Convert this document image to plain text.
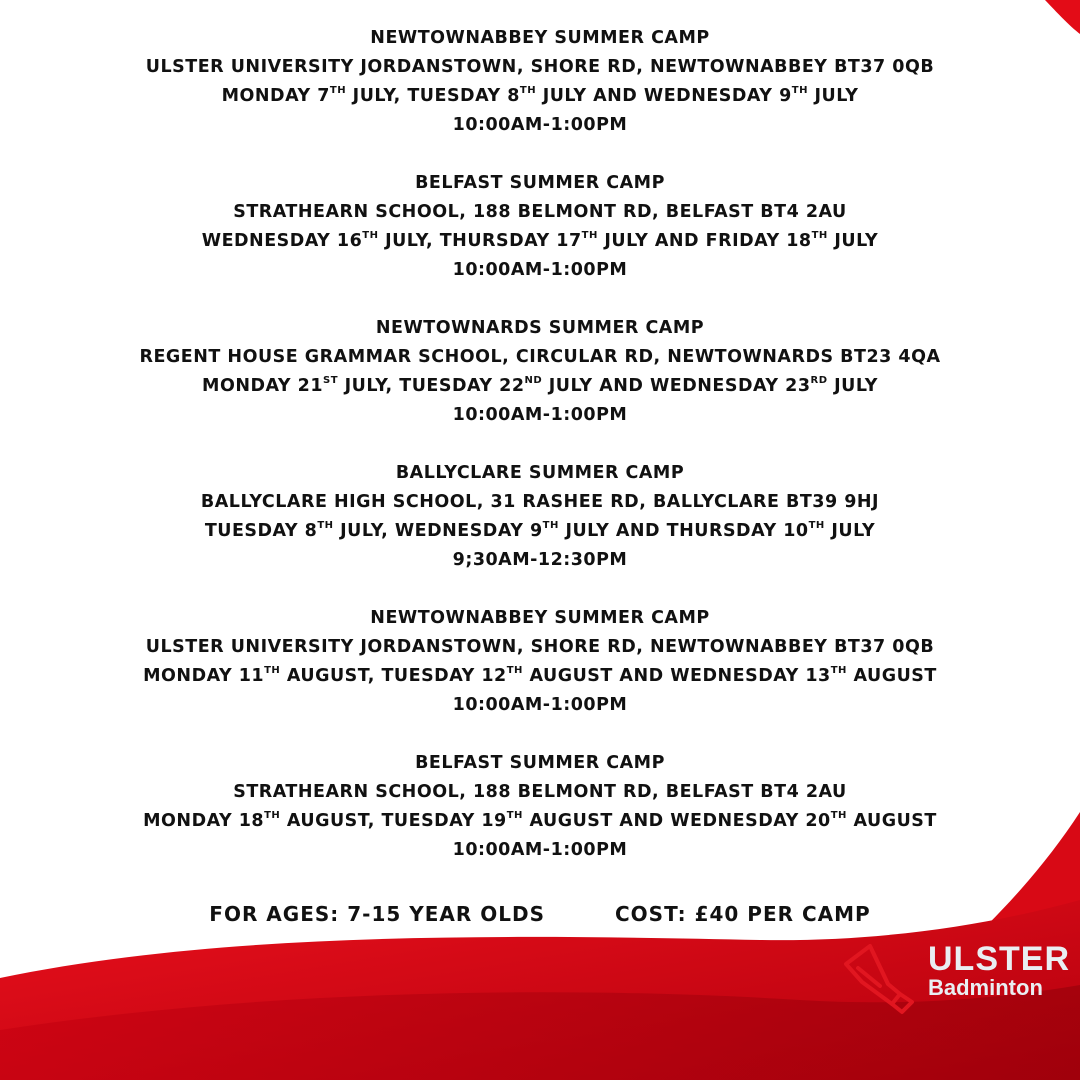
NEWTOWNABBEY SUMMER CAMP
ULSTER UNIVERSITY JORDANSTOWN, SHORE RD, NEWTOWNABBEY BT37 0QB
MONDAY 7TH JULY, TUESDAY 8TH JULY AND WEDNESDAY 9TH JULY
10:00AM-1:00PM
BELFAST SUMMER CAMP
STRATHEARN SCHOOL, 188 BELMONT RD, BELFAST BT4 2AU
WEDNESDAY 16TH JULY, THURSDAY 17TH JULY AND FRIDAY 18TH JULY
10:00AM-1:00PM
NEWTOWNARDS SUMMER CAMP
REGENT HOUSE GRAMMAR SCHOOL, CIRCULAR RD, NEWTOWNARDS BT23 4QA
MONDAY 21ST JULY, TUESDAY 22ND JULY AND WEDNESDAY 23RD JULY
10:00AM-1:00PM
BALLYCLARE SUMMER CAMP
BALLYCLARE HIGH SCHOOL, 31 RASHEE RD, BALLYCLARE BT39 9HJ
TUESDAY 8TH JULY, WEDNESDAY 9TH JULY AND THURSDAY 10TH JULY
9;30AM-12:30PM
NEWTOWNABBEY SUMMER CAMP
ULSTER UNIVERSITY JORDANSTOWN, SHORE RD, NEWTOWNABBEY BT37 0QB
MONDAY 11TH AUGUST, TUESDAY 12TH AUGUST AND WEDNESDAY 13TH AUGUST
10:00AM-1:00PM
BELFAST SUMMER CAMP
STRATHEARN SCHOOL, 188 BELMONT RD, BELFAST BT4 2AU
MONDAY 18TH AUGUST, TUESDAY 19TH AUGUST AND WEDNESDAY 20TH AUGUST
10:00AM-1:00PM
FOR AGES: 7-15 YEAR OLDS	COST: £40 PER CAMP
ULSTER
Badminton
